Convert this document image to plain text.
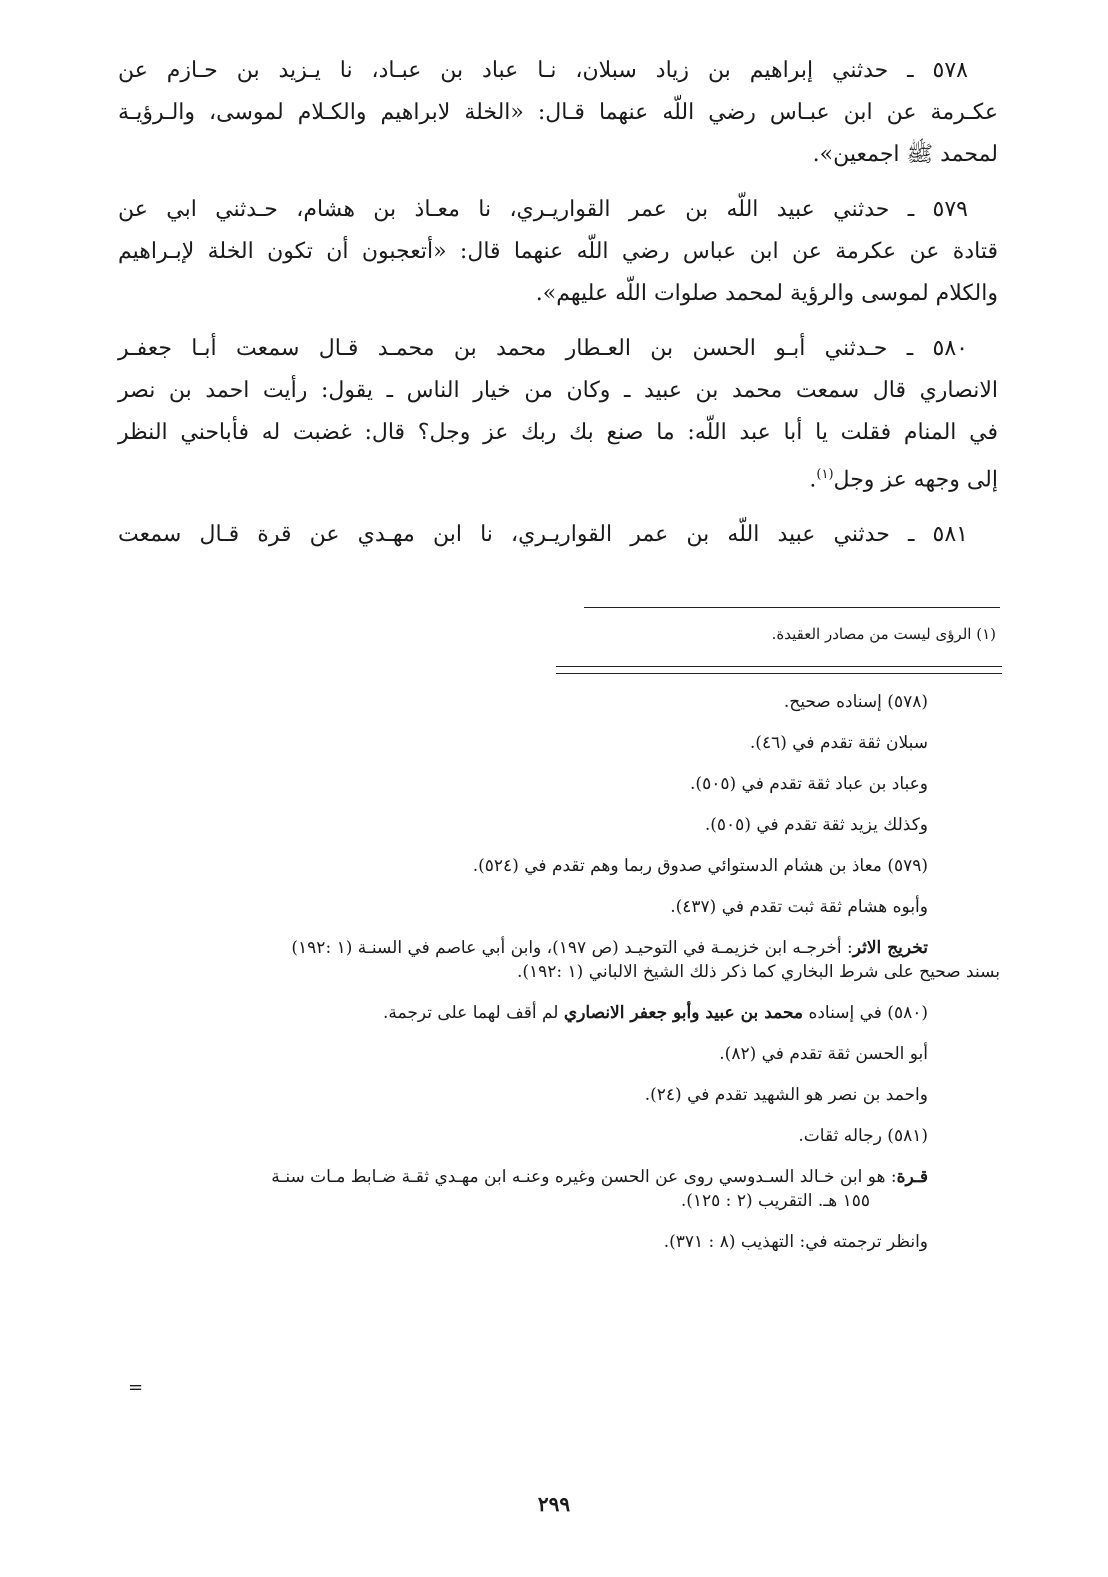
٥٧٨ ـ حدثني إبراهيم بن زياد سبلان، نـا عباد بن عبـاد، نا يـزيد بن حـازم عن
عكـرمة عن ابن عبـاس رضي اللّه عنهما قـال: «الخلة لابراهيم والكـلام لموسى، والـرؤيـة
لمحمد ﷺ اجمعين».

٥٧٩ ـ حدثني عبيد اللّه بن عمر القواريـري، نا معـاذ بن هشام، حـدثني ابي عن
قتادة عن عكرمة عن ابن عباس رضي اللّه عنهما قال: «أتعجبون أن تكون الخلة لإبـراهيم
والكلام لموسى والرؤية لمحمد صلوات اللّه عليهم».

٥٨٠ ـ حـدثني أبـو الحسن بن العـطار محمد بن محمـد قـال سمعت أبـا جعفـر
الانصاري قال سمعت محمد بن عبيد ـ وكان من خيار الناس ـ يقول: رأيت احمد بن نصر
في المنام فقلت يا أبا عبد اللّه: ما صنع بك ربك عز وجل؟ قال: غضبت له فأباحني النظر
إلى وجهه عز وجل$^{(١)}$.

٥٨١ ـ حدثني عبيد اللّه بن عمر القواريـري، نا ابن مهـدي عن قرة قـال سمعت

(١) الرؤى ليست من مصادر العقيدة.

(٥٧٨) إسناده صحيح.

سبلان ثقة تقدم في (٤٦).

وعباد بن عباد ثقة تقدم في (٥٠٥).

وكذلك يزيد ثقة تقدم في (٥٠٥).

(٥٧٩) معاذ بن هشام الدستوائي صدوق ربما وهم تقدم في (٥٢٤).

وأبوه هشام ثقة ثبت تقدم في (٤٣٧).

تخريج الاثر: أخرجـه ابن خزيمـة في التوحيـد (ص ١٩٧)، وابن أبي عاصم في السنـة (١ :١٩٢)

بسند صحيح على شرط البخاري كما ذكر ذلك الشيخ الالباني (١ :١٩٢).

(٥٨٠) في إسناده محمد بن عبيد وأبو جعفر الانصاري لم أقف لهما على ترجمة.

أبو الحسن ثقة تقدم في (٨٢).

واحمد بن نصر هو الشهيد تقدم في (٢٤).

(٥٨١) رجاله ثقات.

قـرة: هو ابن خـالد السـدوسي روى عن الحسن وغيره وعنـه ابن مهـدي ثقـة ضـابط مـات سنـة

١٥٥ هـ. التقريب (٢ : ١٢٥).

وانظر ترجمته في: التهذيب (٨ : ٣٧١).

=
٢٩٩
